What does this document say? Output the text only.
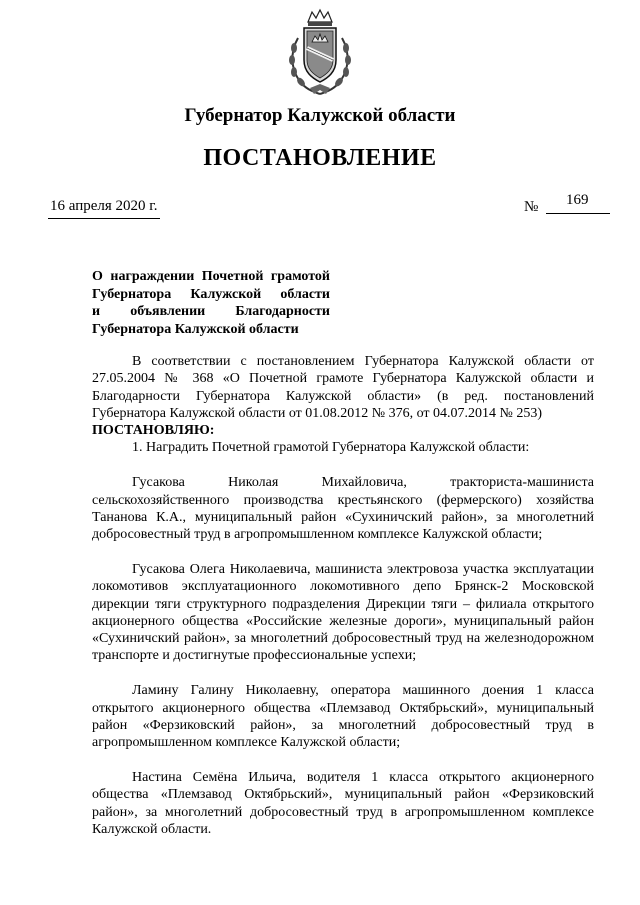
Губернатор Калужской области
ПОСТАНОВЛЕНИЕ
16 апреля 2020 г.	№ 169
О награждении Почетной грамотой
Губернатора Калужской области
и объявлении Благодарности
Губернатора Калужской области

В соответствии с постановлением Губернатора Калужской области от 27.05.2004 № 368 «О Почетной грамоте Губернатора Калужской области и Благодарности Губернатора Калужской области» (в ред. постановлений Губернатора Калужской области от 01.08.2012 № 376, от 04.07.2014 № 253)

ПОСТАНОВЛЯЮ:

1. Наградить Почетной грамотой Губернатора Калужской области:

Гусакова Николая Михайловича, тракториста-машиниста сельскохозяйственного производства крестьянского (фермерского) хозяйства Тананова К.А., муниципальный район «Сухиничский район», за многолетний добросовестный труд в агропромышленном комплексе Калужской области;

Гусакова Олега Николаевича, машиниста электровоза участка эксплуатации локомотивов эксплуатационного локомотивного депо Брянск-2 Московской дирекции тяги структурного подразделения Дирекции тяги – филиала открытого акционерного общества «Российские железные дороги», муниципальный район «Сухиничский район», за многолетний добросовестный труд на железнодорожном транспорте и достигнутые профессиональные успехи;

Ламину Галину Николаевну, оператора машинного доения 1 класса открытого акционерного общества «Племзавод Октябрьский», муниципальный район «Ферзиковский район», за многолетний добросовестный труд в агропромышленном комплексе Калужской области;

Настина Семёна Ильича, водителя 1 класса открытого акционерного общества «Племзавод Октябрьский», муниципальный район «Ферзиковский район», за многолетний добросовестный труд в агропромышленном комплексе Калужской области.
